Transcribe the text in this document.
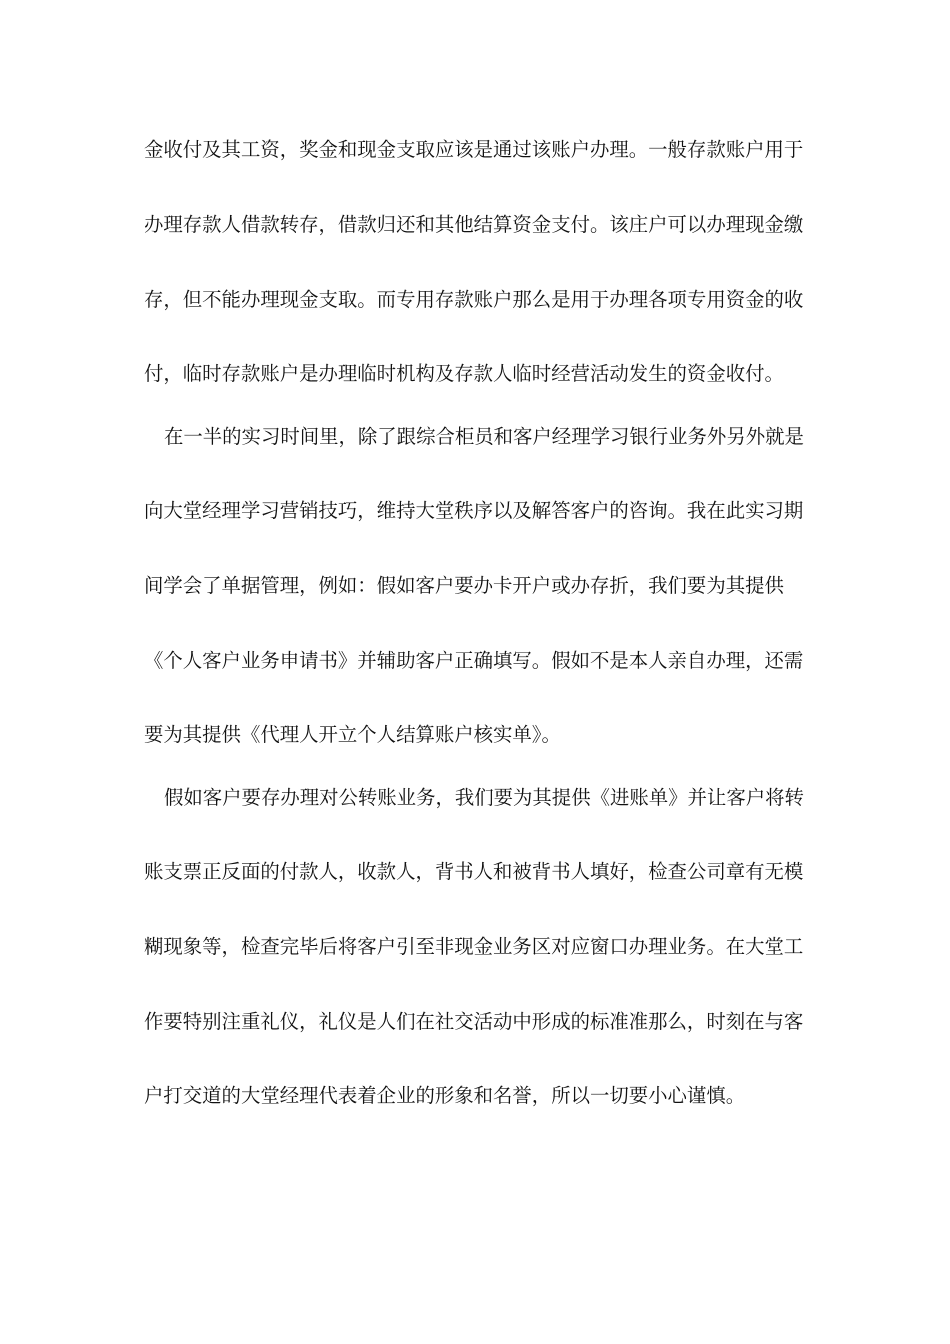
金收付及其工资，奖金和现金支取应该是通过该账户办理。一般存款账户用于
办理存款人借款转存，借款归还和其他结算资金支付。该庄户可以办理现金缴
存，但不能办理现金支取。而专用存款账户那么是用于办理各项专用资金的收
付，临时存款账户是办理临时机构及存款人临时经营活动发生的资金收付。
在一半的实习时间里，除了跟综合柜员和客户经理学习银行业务外另外就是
向大堂经理学习营销技巧，维持大堂秩序以及解答客户的咨询。我在此实习期
间学会了单据管理，例如：假如客户要办卡开户或办存折，我们要为其提供
《个人客户业务申请书》并辅助客户正确填写。假如不是本人亲自办理，还需
要为其提供《代理人开立个人结算账户核实单》。
假如客户要存办理对公转账业务，我们要为其提供《进账单》并让客户将转
账支票正反面的付款人，收款人，背书人和被背书人填好，检查公司章有无模
糊现象等，检查完毕后将客户引至非现金业务区对应窗口办理业务。在大堂工
作要特别注重礼仪，礼仪是人们在社交活动中形成的标准准那么，时刻在与客
户打交道的大堂经理代表着企业的形象和名誉，所以一切要小心谨慎。
